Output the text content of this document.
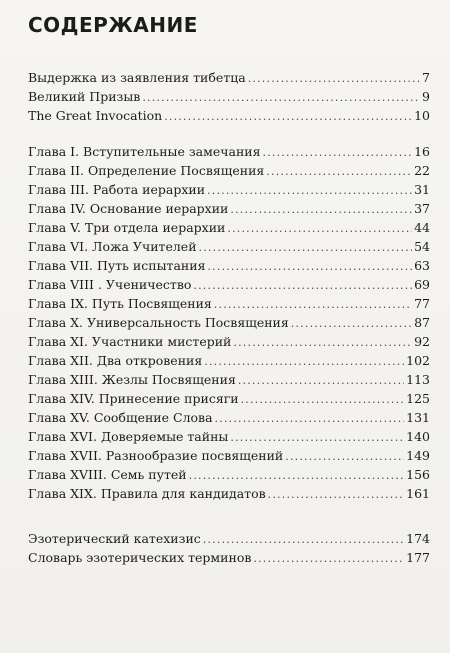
СОДЕРЖАНИЕ
Выдержка из заявления тибетца .....	7
Великий Призыв .....	9
The Great Invocation .....	10
Глава I. Вступительные замечания .....	16
Глава II. Определение Посвящения .....	22
Глава III. Работа иерархии .....	31
Глава IV. Основание иерархии .....	37
Глава V. Три отдела иерархии .....	44
Глава VI. Ложа Учителей .....	54
Глава VII. Путь испытания .....	63
Глава VIII . Ученичество .....	69
Глава IX. Путь Посвящения .....	77
Глава X. Универсальность Посвящения .....	87
Глава XI. Участники мистерий .....	92
Глава XII. Два откровения .....	102
Глава XIII. Жезлы Посвящения .....	113
Глава XIV. Принесение присяги .....	125
Глава XV. Сообщение Слова .....	131
Глава XVI. Доверяемые тайны .....	140
Глава XVII. Разнообразие посвящений .....	149
Глава XVIII. Семь путей .....	156
Глава XIX. Правила для кандидатов .....	161
Эзотерический катехизис .....	174
Словарь эзотерических терминов .....	177
